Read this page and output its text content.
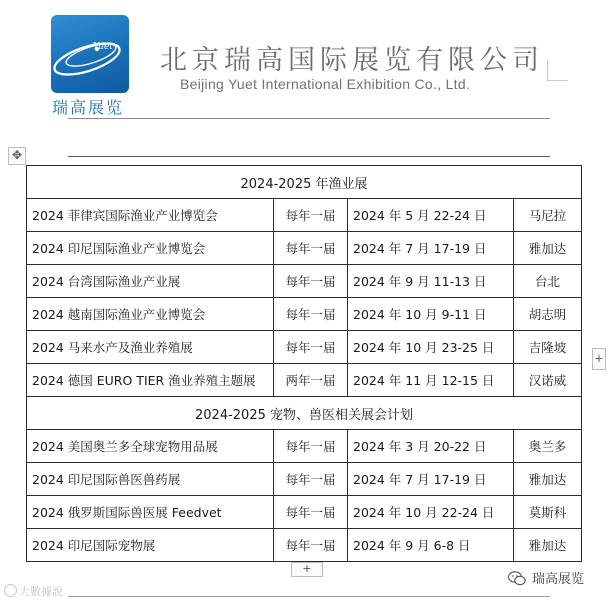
Yuet
瑞高展览
北京瑞高国际展览有限公司
Beijing Yuet International Exhibition Co., Ltd.
✥
2024-2025 年渔业展			
2024 菲律宾国际渔业产业博览会	每年一届	2024 年 5 月 22-24 日	马尼拉
2024 印尼国际渔业产业博览会	每年一届	2024 年 7 月 17-19 日	雅加达
2024 台湾国际渔业产业展	每年一届	2024 年 9 月 11-13 日	台北
2024 越南国际渔业产业博览会	每年一届	2024 年 10 月 9-11 日	胡志明
2024 马来水产及渔业养殖展	每年一届	2024 年 10 月 23-25 日	吉隆坡
2024 德国 EURO TIER 渔业养殖主题展	两年一届	2024 年 11 月 12-15 日	汉诺威
2024-2025 宠物、兽医相关展会计划			
2024 美国奥兰多全球宠物用品展	每年一届	2024 年 3 月 20-22 日	奥兰多
2024 印尼国际兽医兽药展	每年一届	2024 年 7 月 17-19 日	雅加达
2024 俄罗斯国际兽医展 Feedvet	每年一届	2024 年 10 月 22-24 日	莫斯科
2024 印尼国际宠物展	每年一届	2024 年 9 月 6-8 日	雅加达
+
+
大數據說
瑞高展览
